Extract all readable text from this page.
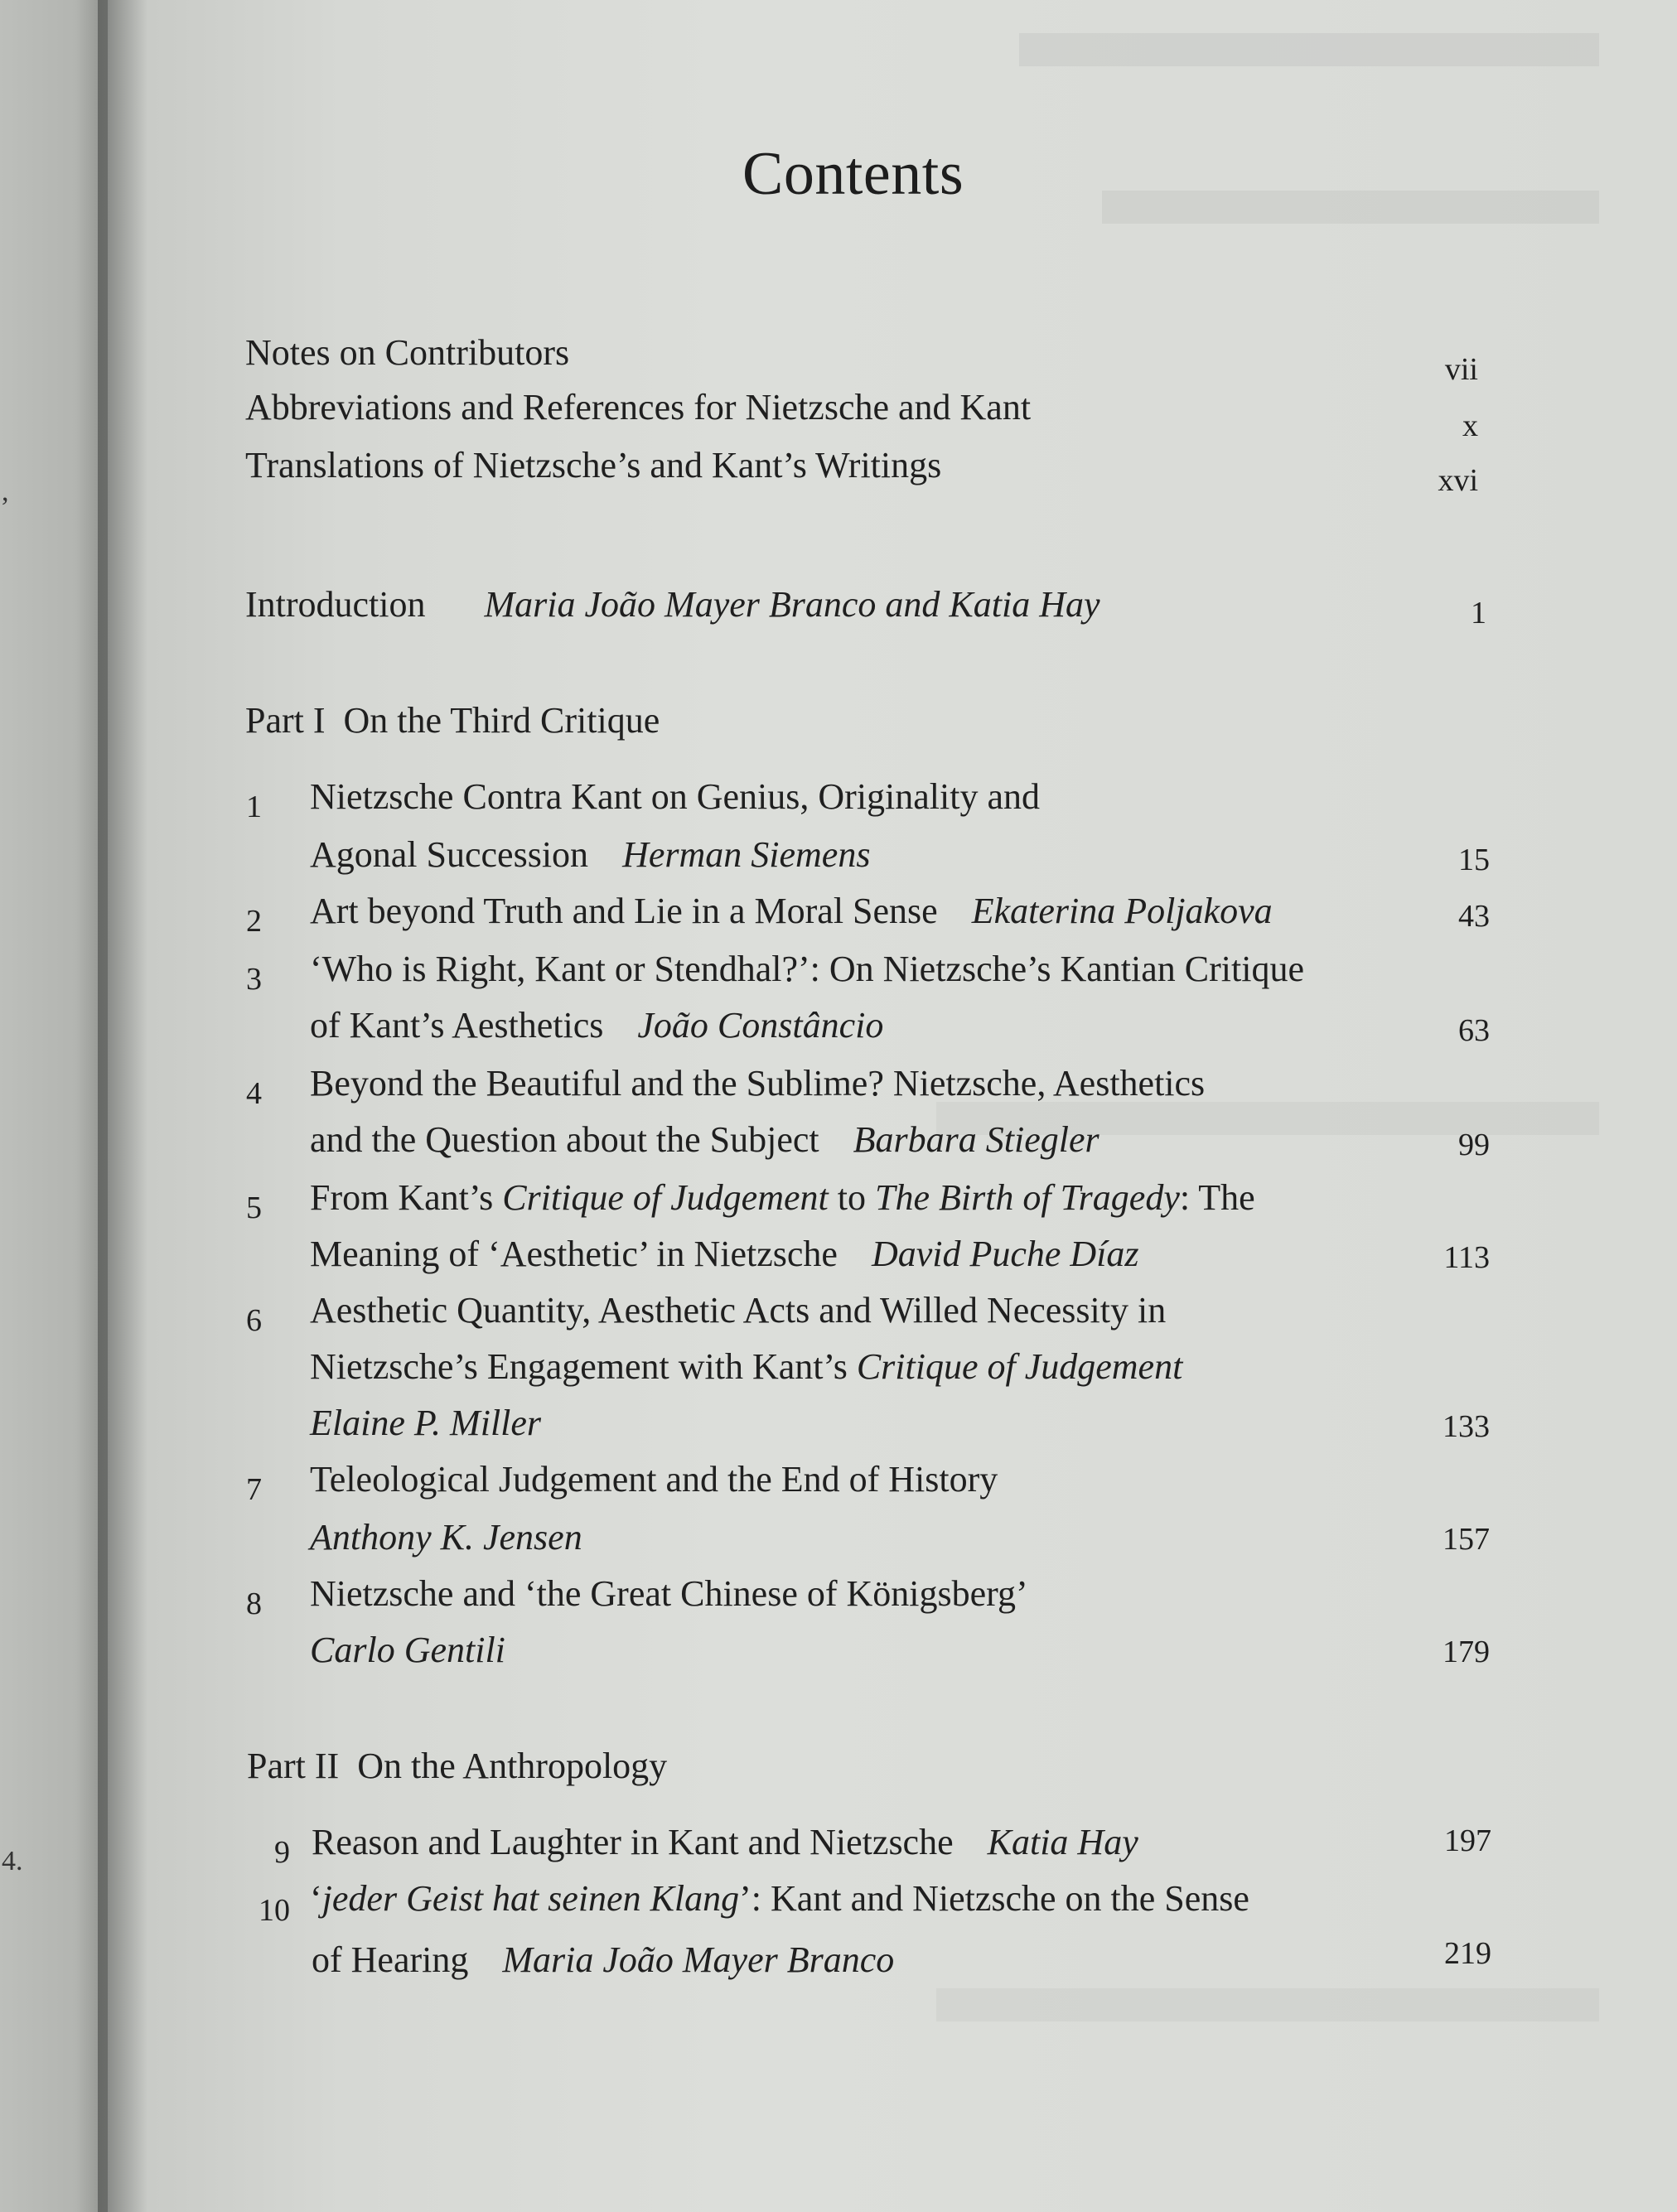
,
4.
Contents
Notes on Contributors	vii
Abbreviations and References for Nietzsche and Kant	x
Translations of Nietzsche’s and Kant’s Writings	xvi
Introduction Maria João Mayer Branco and Katia Hay	1
Part I On the Third Critique
1 Nietzsche Contra Kant on Genius, Originality and
Agonal Succession Herman Siemens	15
2 Art beyond Truth and Lie in a Moral Sense Ekaterina Poljakova	43
3 ‘Who is Right, Kant or Stendhal?’: On Nietzsche’s Kantian Critique
of Kant’s Aesthetics João Constâncio	63
4 Beyond the Beautiful and the Sublime? Nietzsche, Aesthetics
and the Question about the Subject Barbara Stiegler	99
5 From Kant’s Critique of Judgement to The Birth of Tragedy: The
Meaning of ‘Aesthetic’ in Nietzsche David Puche Díaz	113
6 Aesthetic Quantity, Aesthetic Acts and Willed Necessity in
Nietzsche’s Engagement with Kant’s Critique of Judgement
Elaine P. Miller	133
7 Teleological Judgement and the End of History
Anthony K. Jensen	157
8 Nietzsche and ‘the Great Chinese of Königsberg’
Carlo Gentili	179
Part II On the Anthropology
9 Reason and Laughter in Kant and Nietzsche Katia Hay	197
10 ‘jeder Geist hat seinen Klang’: Kant and Nietzsche on the Sense
of Hearing Maria João Mayer Branco	219
